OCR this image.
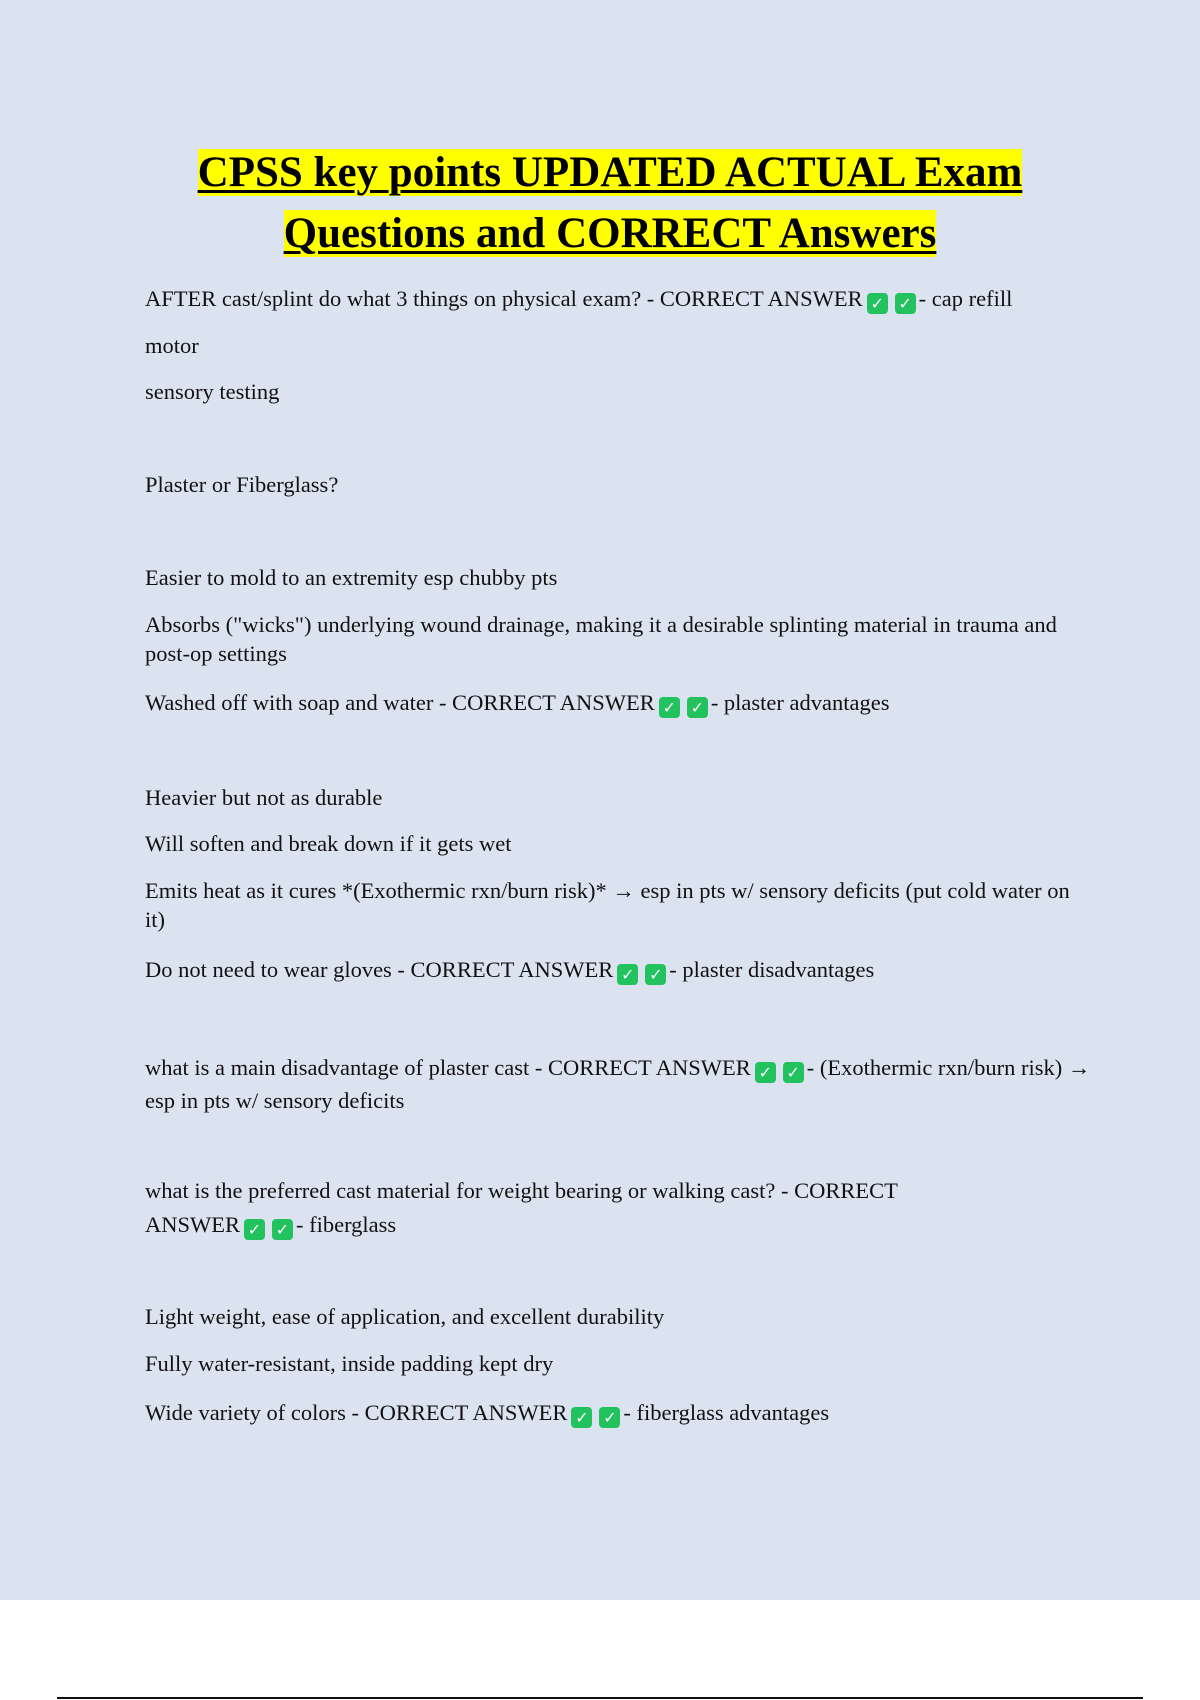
CPSS key points UPDATED ACTUAL Exam
Questions and CORRECT Answers
AFTER cast/splint do what 3 things on physical exam? - CORRECT ANSWER ✓ ✓ - cap refill
motor
sensory testing
Plaster or Fiberglass?
Easier to mold to an extremity esp chubby pts
Absorbs ("wicks") underlying wound drainage, making it a desirable splinting material in trauma and post-op settings
Washed off with soap and water - CORRECT ANSWER ✓ ✓ - plaster advantages
Heavier but not as durable
Will soften and break down if it gets wet
Emits heat as it cures *(Exothermic rxn/burn risk)* → esp in pts w/ sensory deficits (put cold water on it)
Do not need to wear gloves - CORRECT ANSWER ✓ ✓ - plaster disadvantages
what is a main disadvantage of plaster cast - CORRECT ANSWER ✓ ✓ - (Exothermic rxn/burn risk) → esp in pts w/ sensory deficits
what is the preferred cast material for weight bearing or walking cast? - CORRECT ANSWER ✓ ✓ - fiberglass
Light weight, ease of application, and excellent durability
Fully water-resistant, inside padding kept dry
Wide variety of colors - CORRECT ANSWER ✓ ✓ - fiberglass advantages
